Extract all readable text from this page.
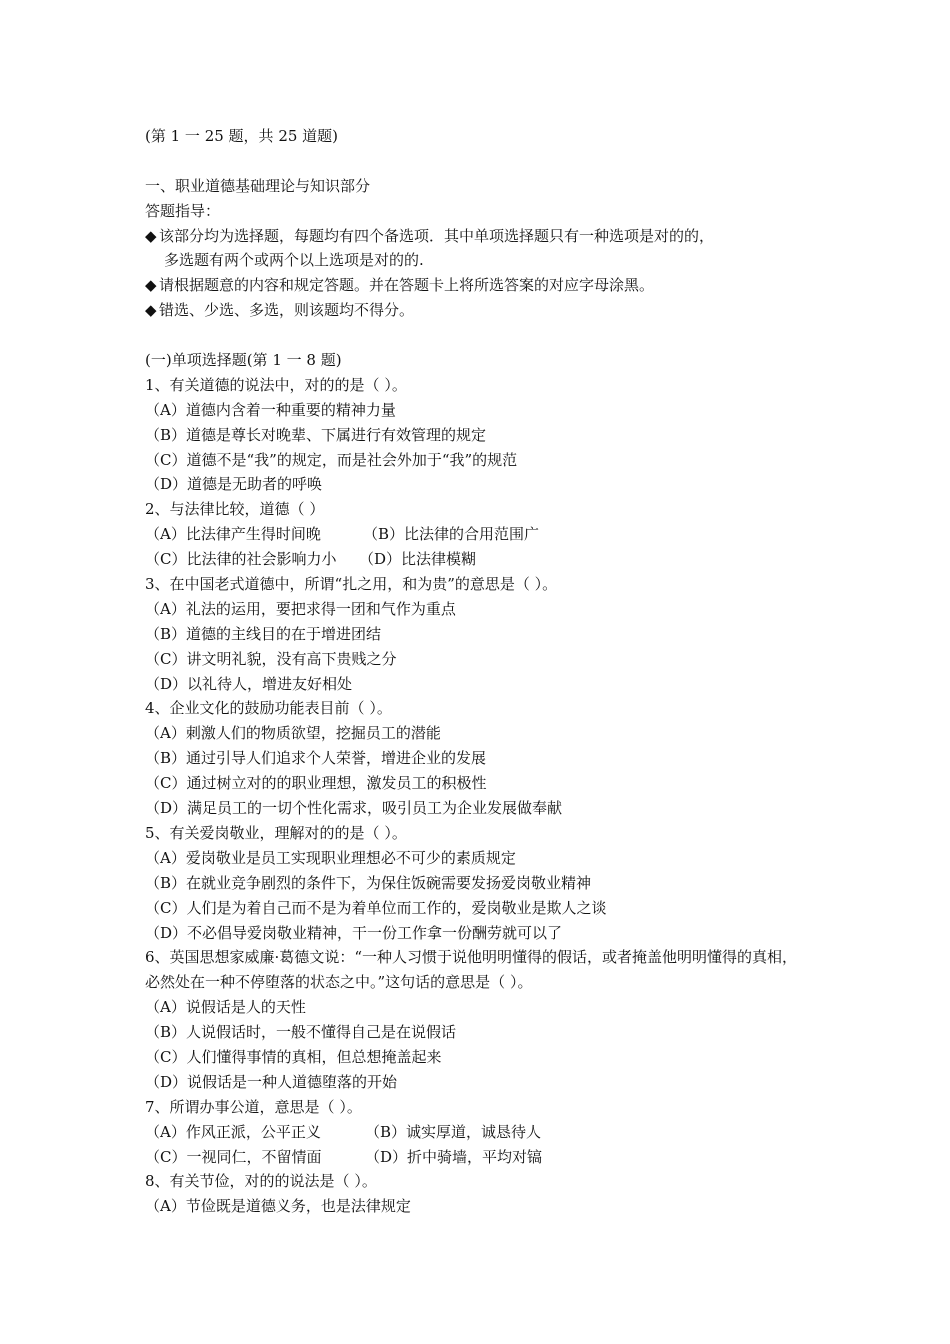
(第 1 一 25 题，共 25 道题)
一、职业道德基础理论与知识部分
答题指导：
◆ 该部分均为选择题，每题均有四个备选项．其中单项选择题只有一种选项是对的的，
多选题有两个或两个以上选项是对的的.
◆ 请根据题意的内容和规定答题。并在答题卡上将所选答案的对应字母涂黑。
◆ 错选、少选、多选，则该题均不得分。
(一)单项选择题(第 1 一 8 题)
1、有关道德的说法中，对的的是（ ）。
（A）道德内含着一种重要的精神力量
（B）道德是尊长对晚辈、下属进行有效管理的规定
（C）道德不是“我”的规定，而是社会外加于“我”的规范
（D）道德是无助者的呼唤
2、与法律比较，道德（ ）
（A）比法律产生得时间晚	（B）比法律的合用范围广
（C）比法律的社会影响力小 （D）比法律模糊
3、在中国老式道德中，所谓“扎之用，和为贵”的意思是（ ）。
（A）礼法的运用，要把求得一团和气作为重点
（B）道德的主线目的在于增进团结
（C）讲文明礼貌，没有高下贵贱之分
（D）以礼待人，增进友好相处
4、企业文化的鼓励功能表目前（ ）。
（A）刺激人们的物质欲望，挖掘员工的潜能
（B）通过引导人们追求个人荣誉，增进企业的发展
（C）通过树立对的的职业理想，激发员工的积极性
（D）满足员工的一切个性化需求，吸引员工为企业发展做奉献
5、有关爱岗敬业，理解对的的是（ ）。
（A）爱岗敬业是员工实现职业理想必不可少的素质规定
（B）在就业竞争剧烈的条件下，为保住饭碗需要发扬爱岗敬业精神
（C）人们是为着自己而不是为着单位而工作的，爱岗敬业是欺人之谈
（D）不必倡导爱岗敬业精神，干一份工作拿一份酬劳就可以了
6、英国思想家威廉·葛德文说：“一种人习惯于说他明明懂得的假话，或者掩盖他明明懂得的真相，必然处在一种不停堕落的状态之中。”这句话的意思是（ ）。
（A）说假话是人的天性
（B）人说假话时，一般不懂得自己是在说假话
（C）人们懂得事情的真相，但总想掩盖起来
（D）说假话是一种人道德堕落的开始
7、所谓办事公道，意思是（ ）。
（A）作风正派，公平正义	（B）诚实厚道，诚恳待人
（C）一视同仁，不留情面	（D）折中骑墙，平均对镐
8、有关节俭，对的的说法是（ ）。
（A）节俭既是道德义务，也是法律规定
